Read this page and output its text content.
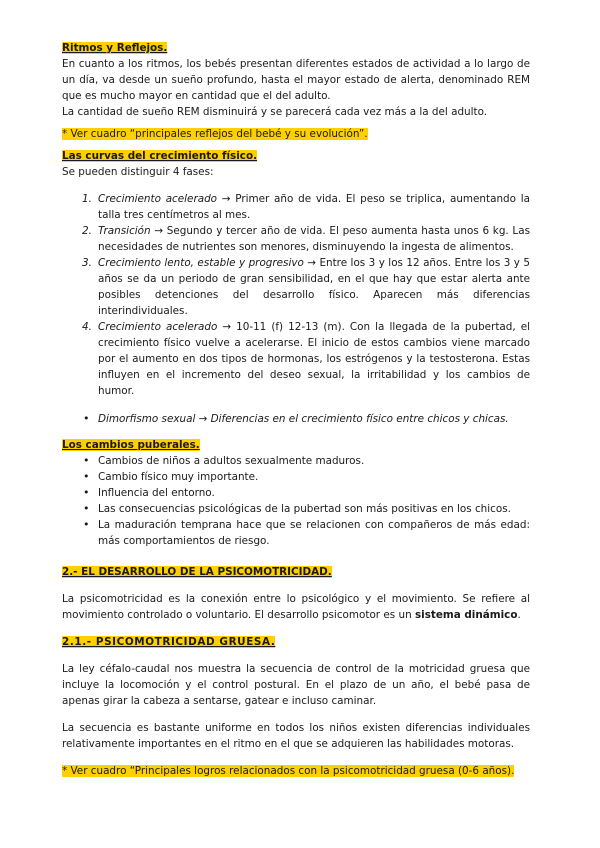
Ritmos y Reflejos.

En cuanto a los ritmos, los bebés presentan diferentes estados de actividad a lo largo de un día, va desde un sueño profundo, hasta el mayor estado de alerta, denominado REM que es mucho mayor en cantidad que el del adulto.

La cantidad de sueño REM disminuirá y se parecerá cada vez más a la del adulto.

* Ver cuadro “principales reflejos del bebé y su evolución”.

Las curvas del crecimiento físico.

Se pueden distinguir 4 fases:

1. Crecimiento acelerado → Primer año de vida. El peso se triplica, aumentando la talla tres centímetros al mes.
2. Transición → Segundo y tercer año de vida. El peso aumenta hasta unos 6 kg. Las necesidades de nutrientes son menores, disminuyendo la ingesta de alimentos.
3. Crecimiento lento, estable y progresivo → Entre los 3 y los 12 años. Entre los 3 y 5 años se da un periodo de gran sensibilidad, en el que hay que estar alerta ante posibles detenciones del desarrollo físico. Aparecen más diferencias interindividuales.
4. Crecimiento acelerado → 10-11 (f) 12-13 (m). Con la llegada de la pubertad, el crecimiento físico vuelve a acelerarse. El inicio de estos cambios viene marcado por el aumento en dos tipos de hormonas, los estrógenos y la testosterona. Estas influyen en el incremento del deseo sexual, la irritabilidad y los cambios de humor.
• Dimorfismo sexual → Diferencias en el crecimiento físico entre chicos y chicas.

Los cambios puberales.

• Cambios de niños a adultos sexualmente maduros.
• Cambio físico muy importante.
• Influencia del entorno.
• Las consecuencias psicológicas de la pubertad son más positivas en los chicos.
• La maduración temprana hace que se relacionen con compañeros de más edad: más comportamientos de riesgo.

2.- EL DESARROLLO DE LA PSICOMOTRICIDAD.

La psicomotricidad es la conexión entre lo psicológico y el movimiento. Se refiere al movimiento controlado o voluntario. El desarrollo psicomotor es un sistema dinámico.

2.1.- PSICOMOTRICIDAD GRUESA.

La ley céfalo-caudal nos muestra la secuencia de control de la motricidad gruesa que incluye la locomoción y el control postural. En el plazo de un año, el bebé pasa de apenas girar la cabeza a sentarse, gatear e incluso caminar.

La secuencia es bastante uniforme en todos los niños existen diferencias individuales relativamente importantes en el ritmo en el que se adquieren las habilidades motoras.

* Ver cuadro “Principales logros relacionados con la psicomotricidad gruesa (0-6 años).
